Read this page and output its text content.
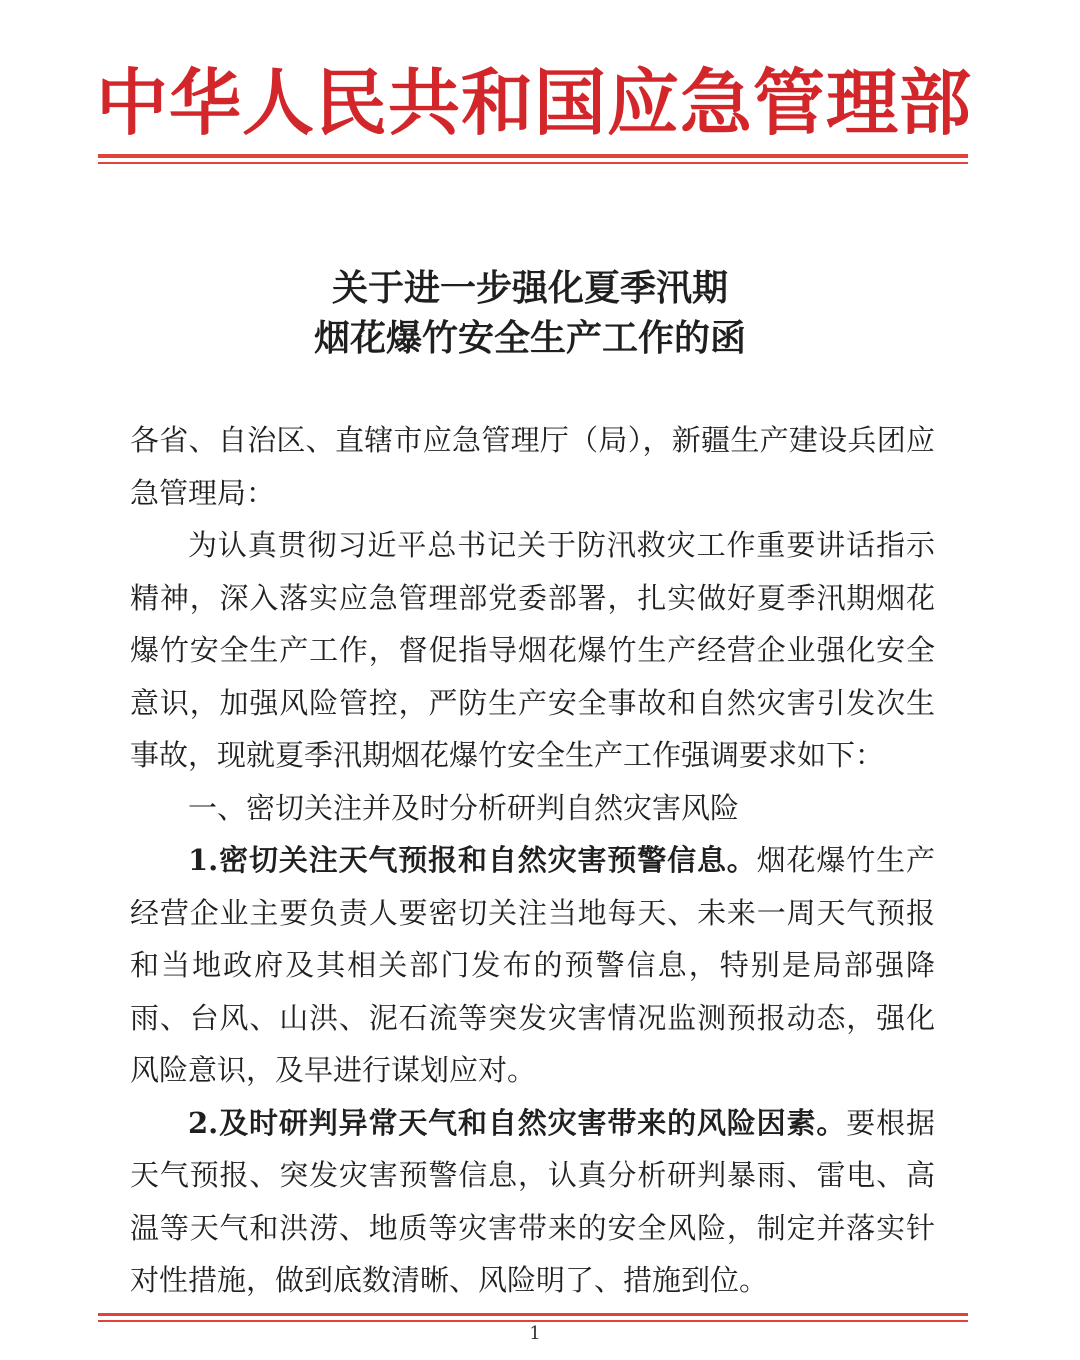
中华人民共和国应急管理部
关于进一步强化夏季汛期
烟花爆竹安全生产工作的函

各省、自治区、直辖市应急管理厅（局），新疆生产建设兵团应急管理局：

为认真贯彻习近平总书记关于防汛救灾工作重要讲话指示精神，深入落实应急管理部党委部署，扎实做好夏季汛期烟花爆竹安全生产工作，督促指导烟花爆竹生产经营企业强化安全意识，加强风险管控，严防生产安全事故和自然灾害引发次生事故，现就夏季汛期烟花爆竹安全生产工作强调要求如下：

一、密切关注并及时分析研判自然灾害风险

1.密切关注天气预报和自然灾害预警信息。烟花爆竹生产经营企业主要负责人要密切关注当地每天、未来一周天气预报和当地政府及其相关部门发布的预警信息，特别是局部强降雨、台风、山洪、泥石流等突发灾害情况监测预报动态，强化风险意识，及早进行谋划应对。

2.及时研判异常天气和自然灾害带来的风险因素。要根据天气预报、突发灾害预警信息，认真分析研判暴雨、雷电、高温等天气和洪涝、地质等灾害带来的安全风险，制定并落实针对性措施，做到底数清晰、风险明了、措施到位。

1
